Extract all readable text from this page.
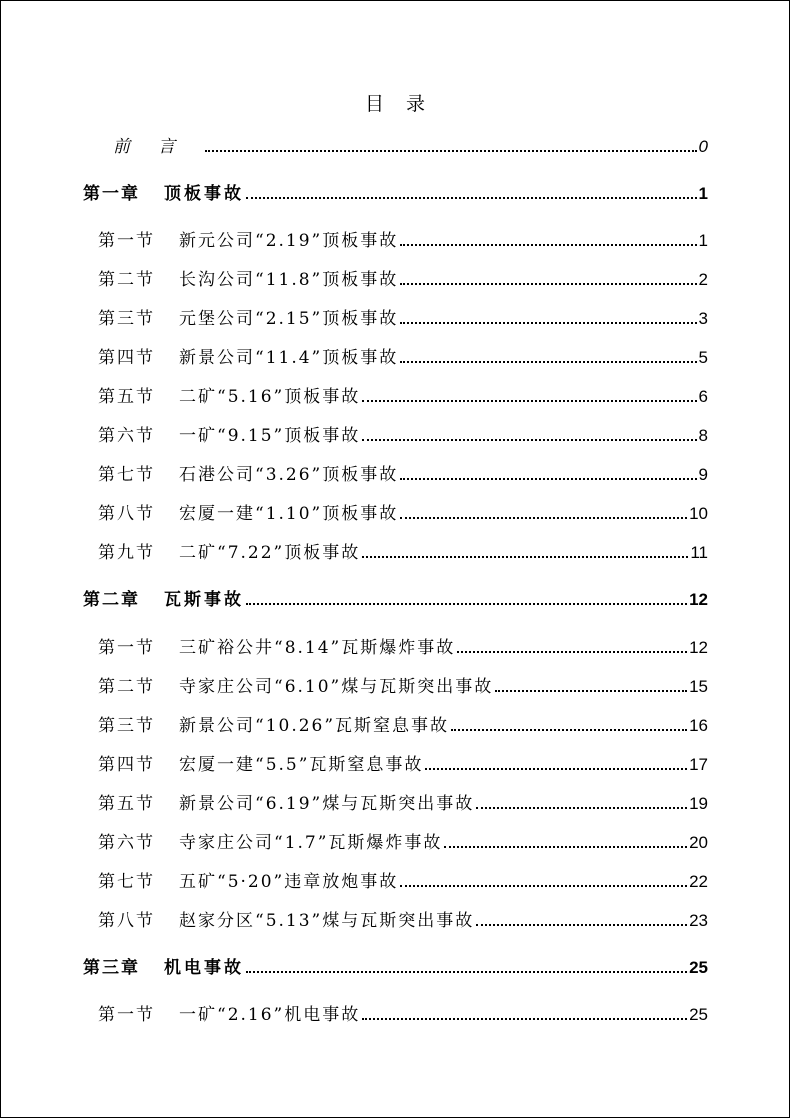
目录
前言	0
第一章 顶板事故	1
第一节 新元公司“2.19”顶板事故	1
第二节 长沟公司“11.8”顶板事故	2
第三节 元堡公司“2.15”顶板事故	3
第四节 新景公司“11.4”顶板事故	5
第五节 二矿“5.16”顶板事故	6
第六节 一矿“9.15”顶板事故	8
第七节 石港公司“3.26”顶板事故	9
第八节 宏厦一建“1.10”顶板事故	10
第九节 二矿“7.22”顶板事故	11
第二章 瓦斯事故	12
第一节 三矿裕公井“8.14”瓦斯爆炸事故	12
第二节 寺家庄公司“6.10”煤与瓦斯突出事故	15
第三节 新景公司“10.26”瓦斯窒息事故	16
第四节 宏厦一建“5.5”瓦斯窒息事故	17
第五节 新景公司“6.19”煤与瓦斯突出事故	19
第六节 寺家庄公司“1.7”瓦斯爆炸事故	20
第七节 五矿“5·20”违章放炮事故	22
第八节 赵家分区“5.13”煤与瓦斯突出事故	23
第三章 机电事故	25
第一节 一矿“2.16”机电事故	25
